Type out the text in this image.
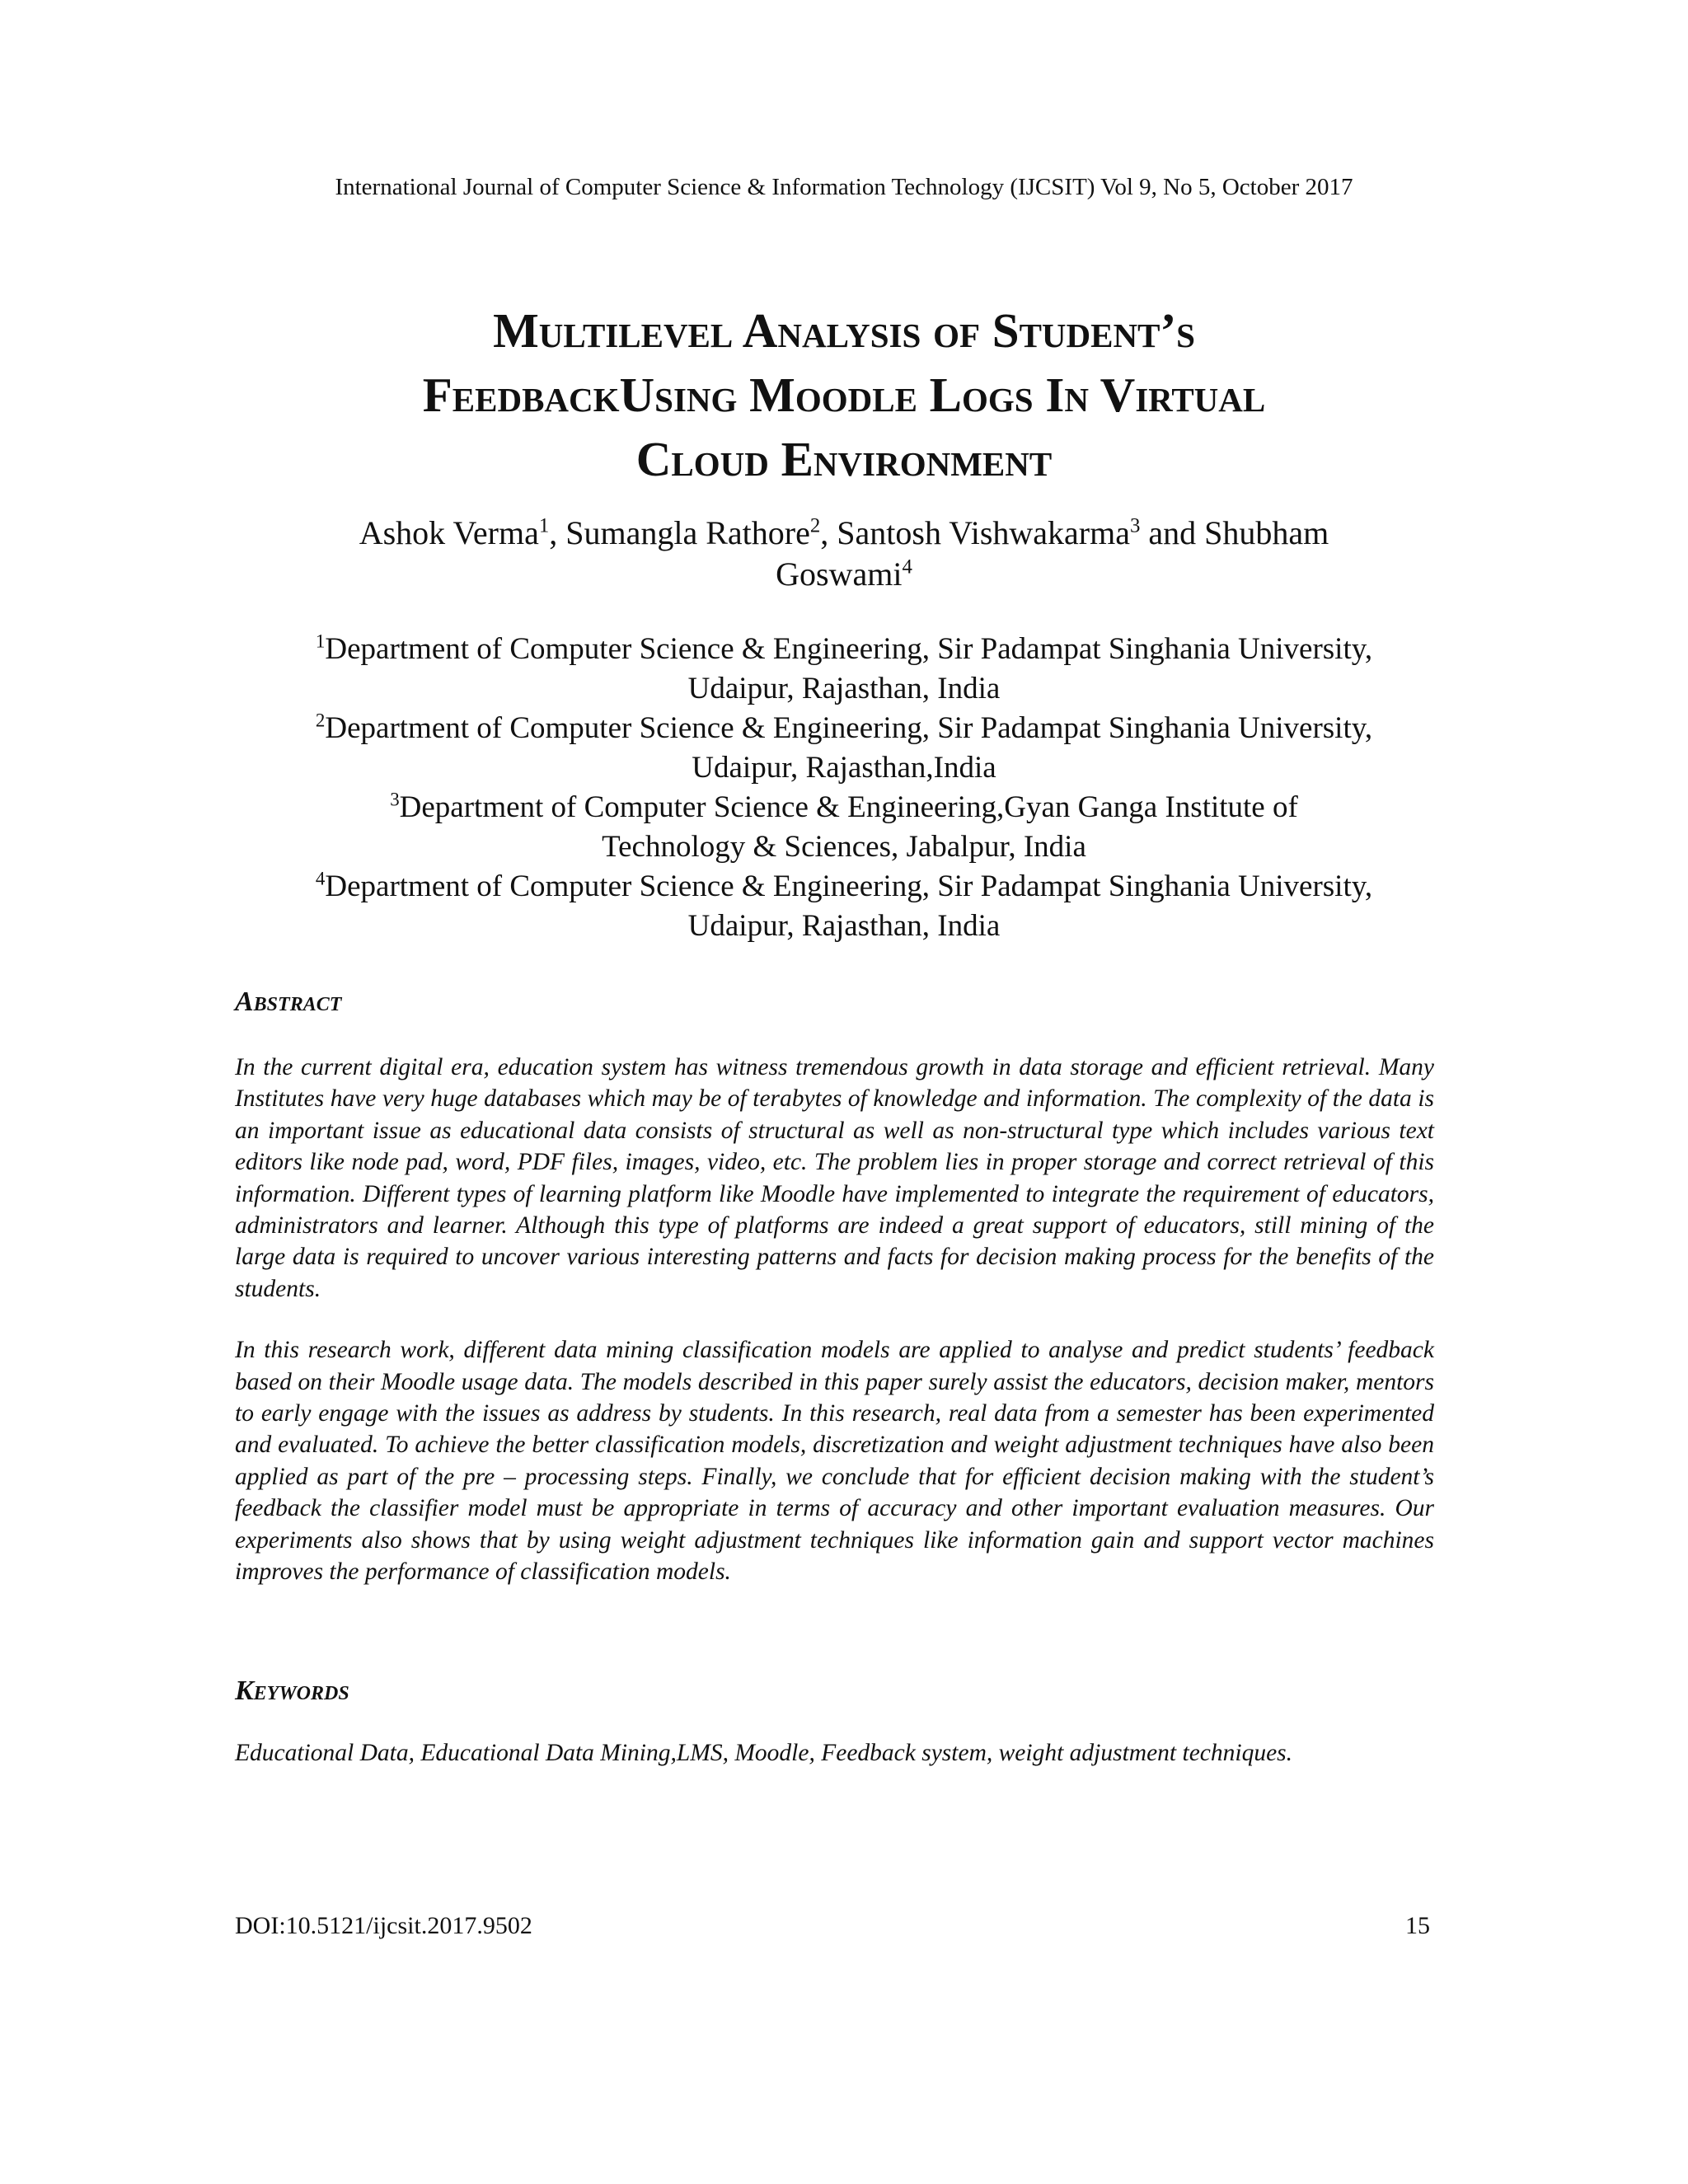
International Journal of Computer Science & Information Technology (IJCSIT) Vol 9, No 5, October 2017
Multilevel Analysis of Student’s
FeedbackUsing Moodle Logs In Virtual
Cloud Environment
Ashok Verma$^1$, Sumangla Rathore$^2$, Santosh Vishwakarma$^3$ and Shubham
Goswami$^4$

$^1$Department of Computer Science & Engineering, Sir Padampat Singhania University,
Udaipur, Rajasthan, India

$^2$Department of Computer Science & Engineering, Sir Padampat Singhania University,
Udaipur, Rajasthan,India

$^3$Department of Computer Science & Engineering,Gyan Ganga Institute of
Technology & Sciences, Jabalpur, India

$^4$Department of Computer Science & Engineering, Sir Padampat Singhania University,
Udaipur, Rajasthan, India

Abstract

In the current digital era, education system has witness tremendous growth in data storage and efficient retrieval. Many Institutes have very huge databases which may be of terabytes of knowledge and information. The complexity of the data is an important issue as educational data consists of structural as well as non-structural type which includes various text editors like node pad, word, PDF files, images, video, etc. The problem lies in proper storage and correct retrieval of this information. Different types of learning platform like Moodle have implemented to integrate the requirement of educators, administrators and learner. Although this type of platforms are indeed a great support of educators, still mining of the large data is required to uncover various interesting patterns and facts for decision making process for the benefits of the students.

In this research work, different data mining classification models are applied to analyse and predict students’ feedback based on their Moodle usage data. The models described in this paper surely assist the educators, decision maker, mentors to early engage with the issues as address by students. In this research, real data from a semester has been experimented and evaluated. To achieve the better classification models, discretization and weight adjustment techniques have also been applied as part of the pre – processing steps. Finally, we conclude that for efficient decision making with the student’s feedback the classifier model must be appropriate in terms of accuracy and other important evaluation measures. Our experiments also shows that by using weight adjustment techniques like information gain and support vector machines improves the performance of classification models.

Keywords

Educational Data, Educational Data Mining,LMS, Moodle, Feedback system, weight adjustment techniques.

DOI:10.5121/ijcsit.2017.9502	15
